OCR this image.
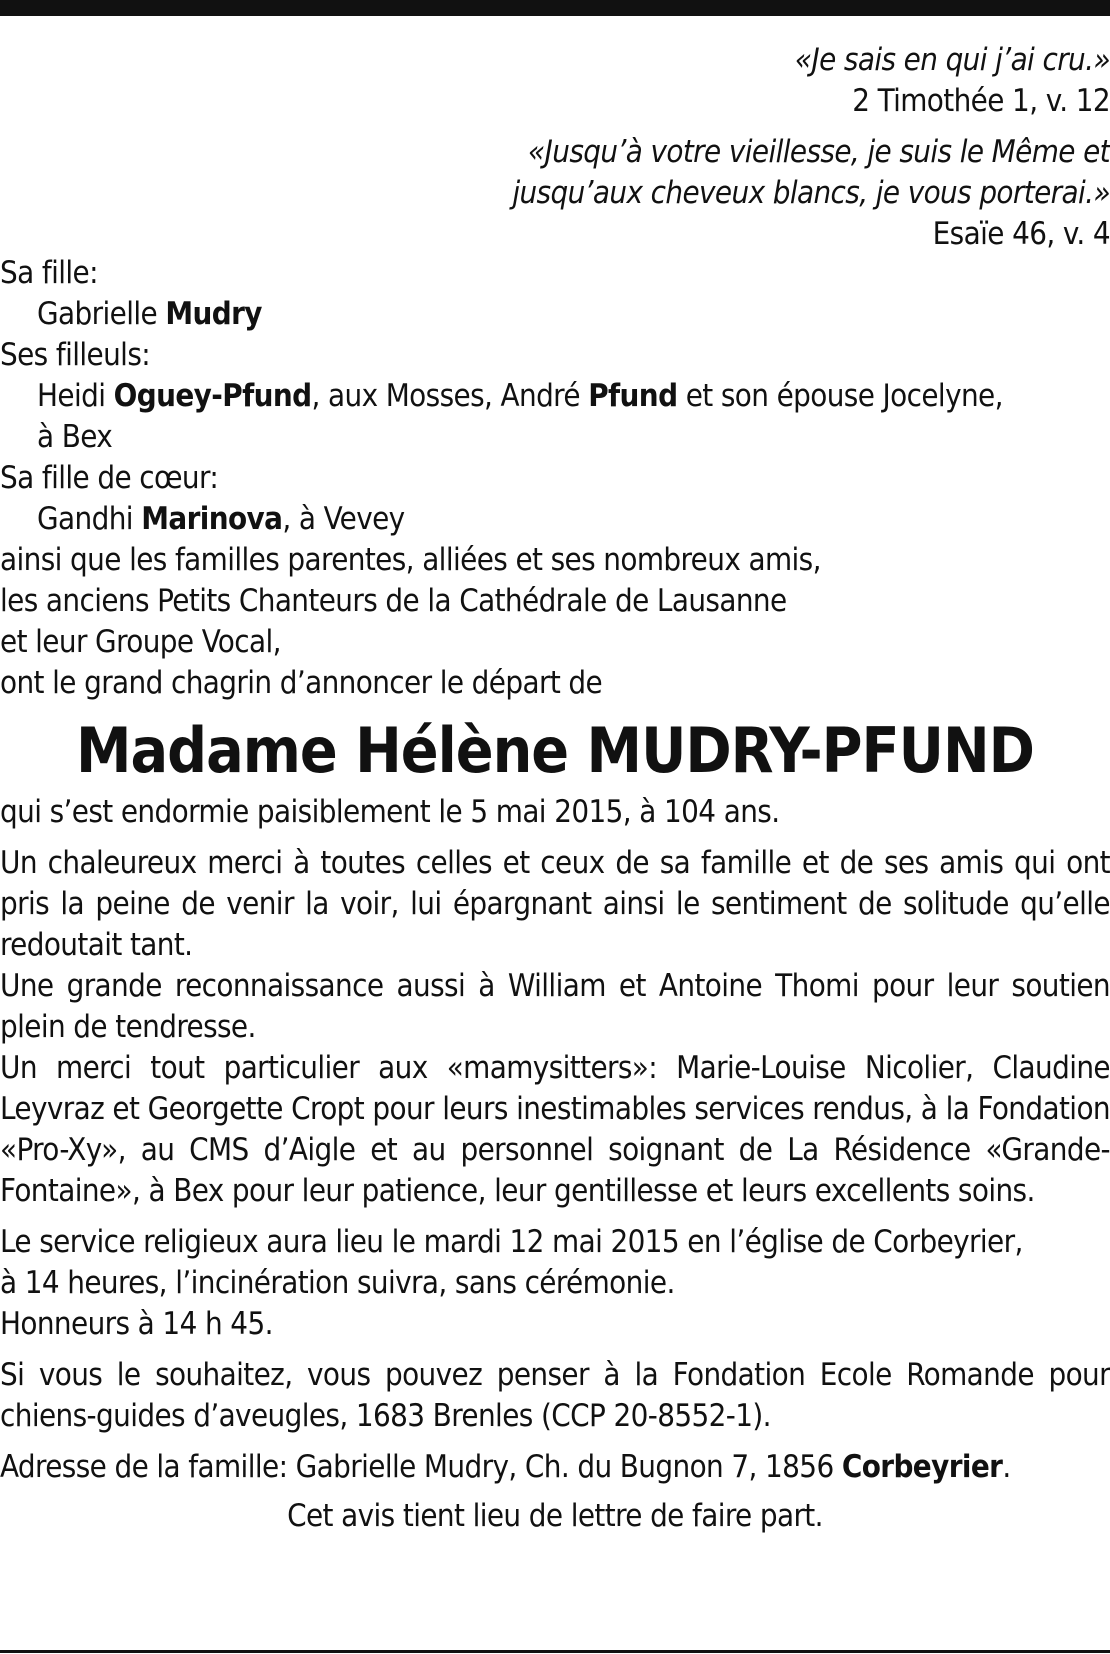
«Je sais en qui j’ai cru.»
2 Timothée 1, v. 12
«Jusqu’à votre vieillesse, je suis le Même et
jusqu’aux cheveux blancs, je vous porterai.»
Esaïe 46, v. 4
Sa fille:
Gabrielle Mudry
Ses filleuls:
Heidi Oguey-Pfund, aux Mosses, André Pfund et son épouse Jocelyne,
à Bex
Sa fille de cœur:
Gandhi Marinova, à Vevey
ainsi que les familles parentes, alliées et ses nombreux amis,
les anciens Petits Chanteurs de la Cathédrale de Lausanne
et leur Groupe Vocal,
ont le grand chagrin d’annoncer le départ de
Madame Hélène MUDRY-PFUND

qui s’est endormie paisiblement le 5 mai 2015, à 104 ans.

Un chaleureux merci à toutes celles et ceux de sa famille et de ses amis qui ont pris la peine de venir la voir, lui épargnant ainsi le sentiment de solitude qu’elle redoutait tant.

Une grande reconnaissance aussi à William et Antoine Thomi pour leur soutien plein de tendresse.

Un merci tout particulier aux «mamysitters»: Marie-Louise Nicolier, Claudine Leyvraz et Georgette Cropt pour leurs inestimables services rendus, à la Fondation «Pro-Xy», au CMS d’Aigle et au personnel soignant de La Résidence «Grande-Fontaine», à Bex pour leur patience, leur gentillesse et leurs excellents soins.

Le service religieux aura lieu le mardi 12 mai 2015 en l’église de Corbeyrier,
à 14 heures, l’incinération suivra, sans cérémonie.
Honneurs à 14 h 45.

Si vous le souhaitez, vous pouvez penser à la Fondation Ecole Romande pour chiens-guides d’aveugles, 1683 Brenles (CCP 20-8552-1).

Adresse de la famille: Gabrielle Mudry, Ch. du Bugnon 7, 1856 Corbeyrier.

Cet avis tient lieu de lettre de faire part.
